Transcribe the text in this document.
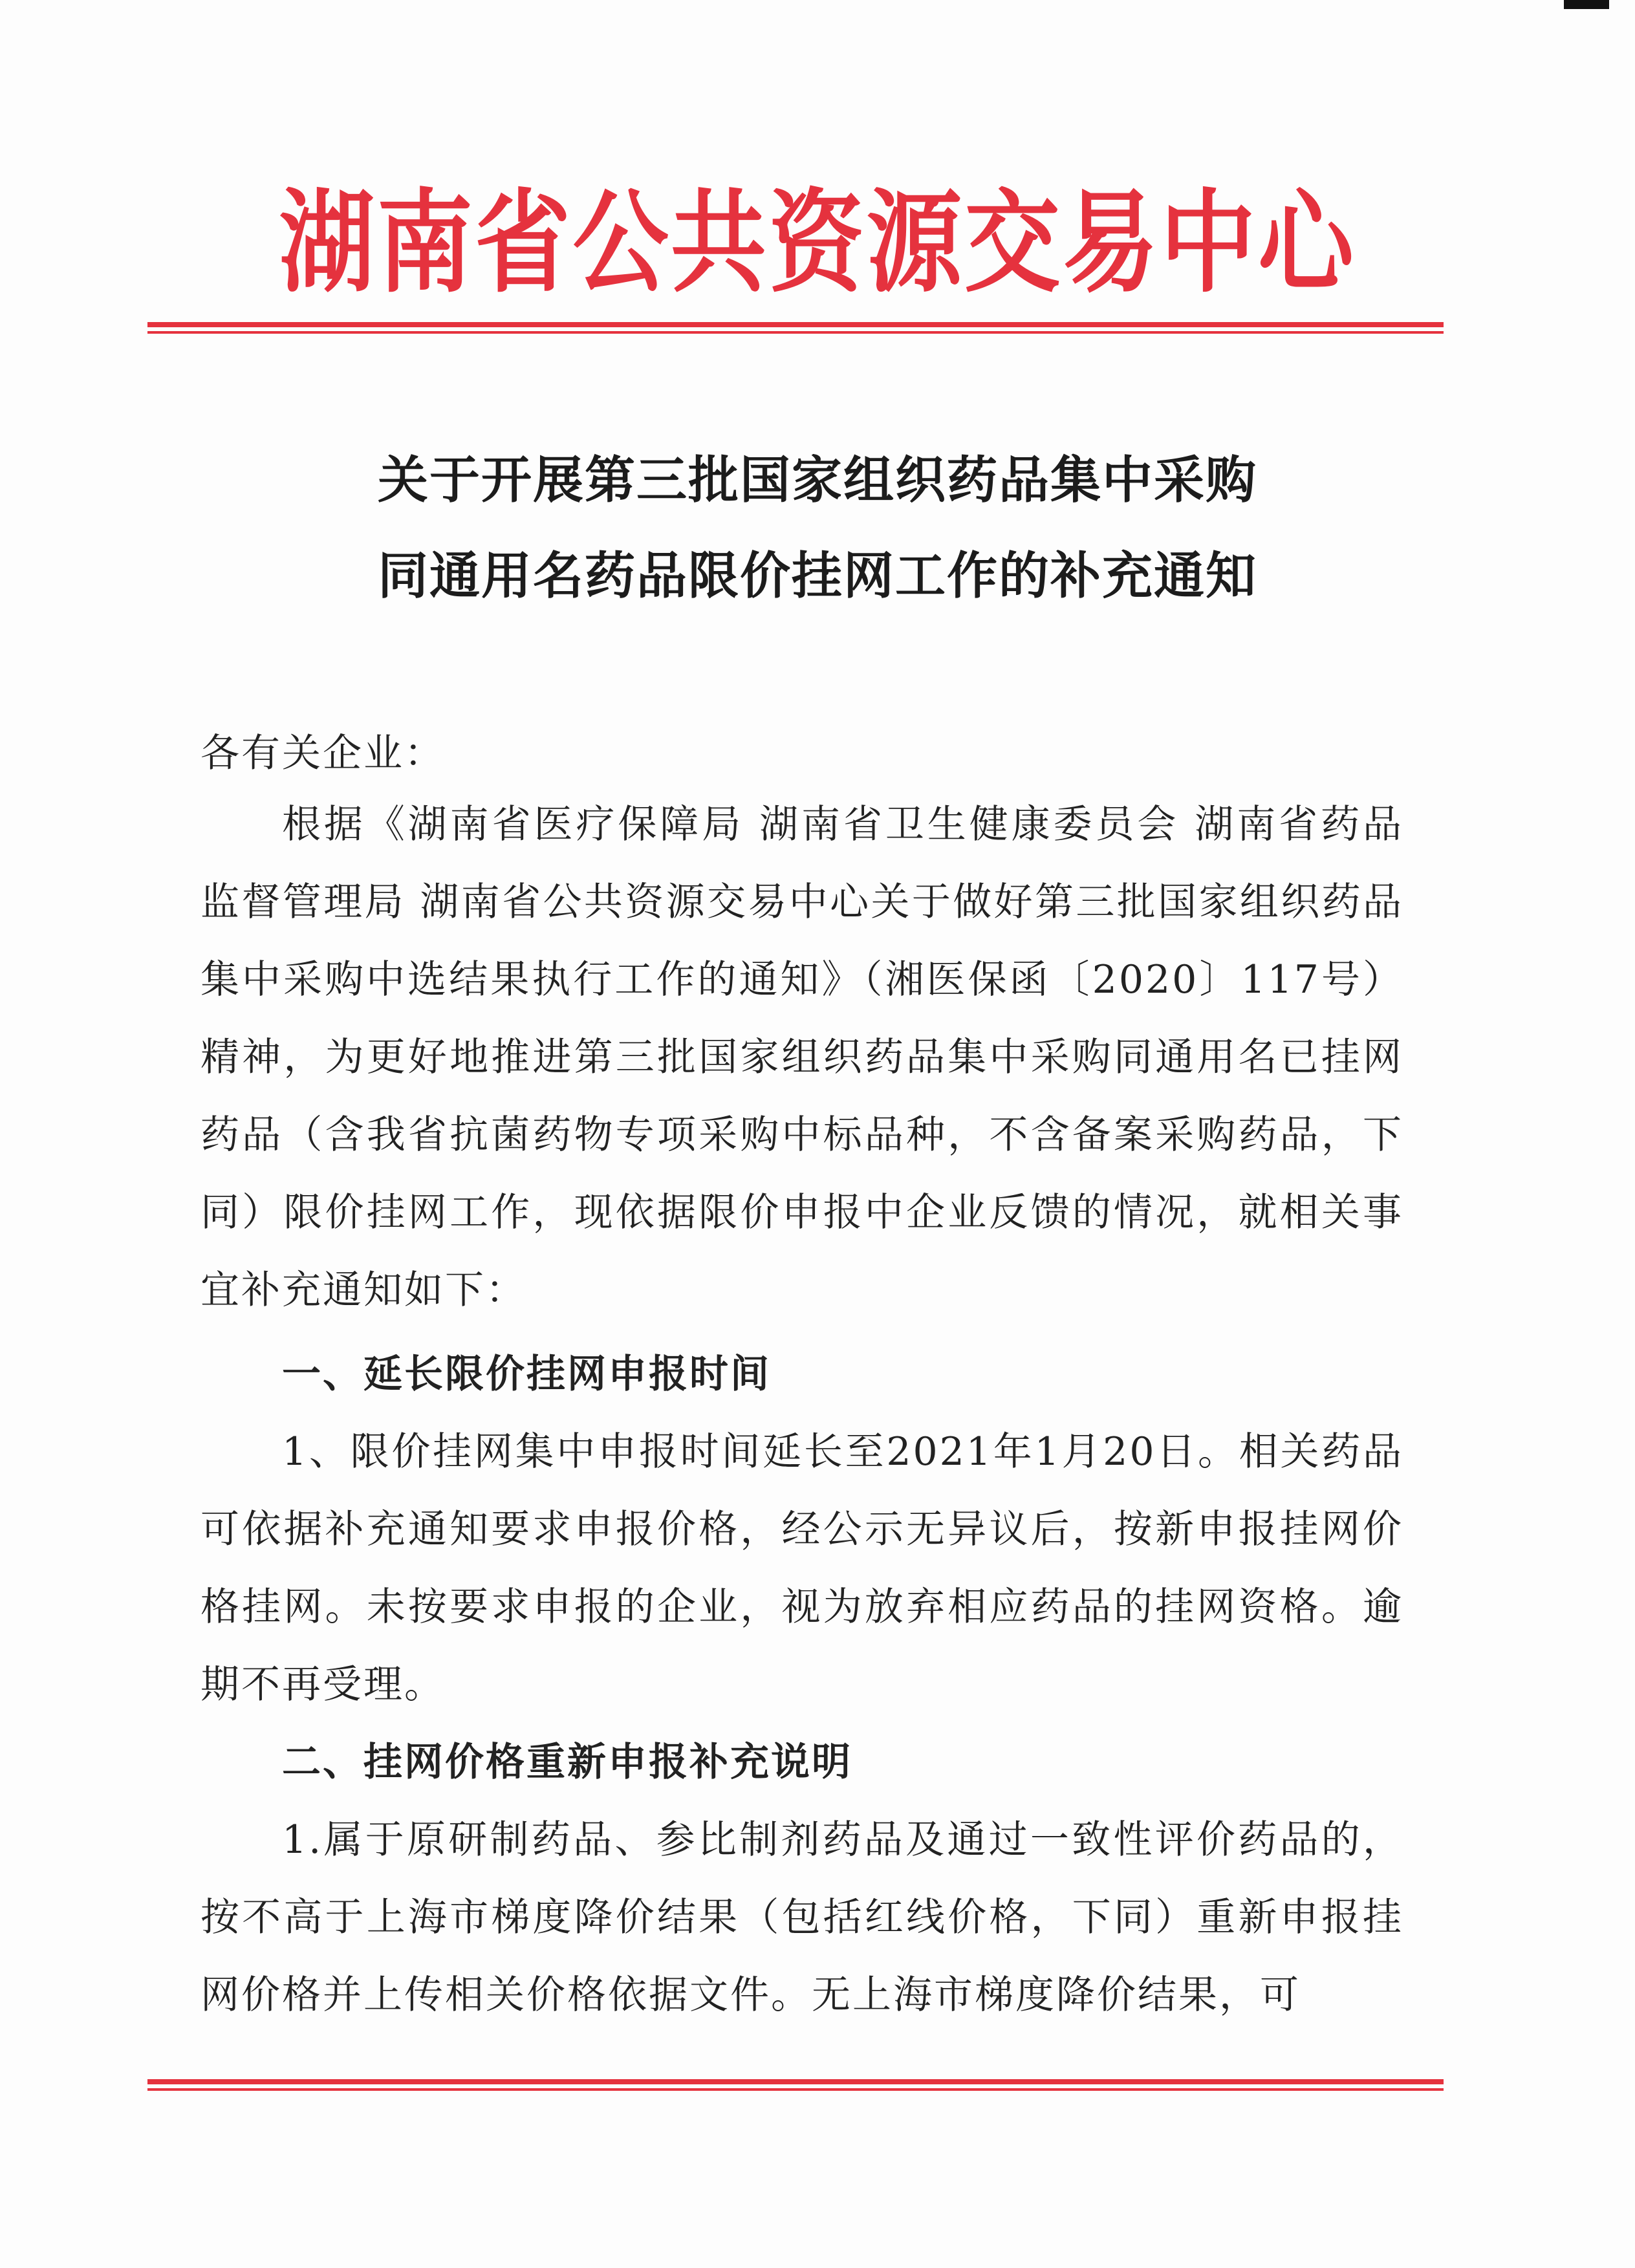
湖南省公共资源交易中心
关于开展第三批国家组织药品集中采购
同通用名药品限价挂网工作的补充通知
各有关企业：
根据《湖南省医疗保障局 湖南省卫生健康委员会 湖南省药品监督管理局 湖南省公共资源交易中心关于做好第三批国家组织药品集中采购中选结果执行工作的通知》（湘医保函〔2020〕117号）精神，为更好地推进第三批国家组织药品集中采购同通用名已挂网药品（含我省抗菌药物专项采购中标品种，不含备案采购药品，下同）限价挂网工作，现依据限价申报中企业反馈的情况，就相关事宜补充通知如下：
一、延长限价挂网申报时间
1、限价挂网集中申报时间延长至2021年1月20日。相关药品可依据补充通知要求申报价格，经公示无异议后，按新申报挂网价格挂网。未按要求申报的企业，视为放弃相应药品的挂网资格。逾期不再受理。
二、挂网价格重新申报补充说明
1.属于原研制药品、参比制剂药品及通过一致性评价药品的，按不高于上海市梯度降价结果（包括红线价格，下同）重新申报挂网价格并上传相关价格依据文件。无上海市梯度降价结果，可
